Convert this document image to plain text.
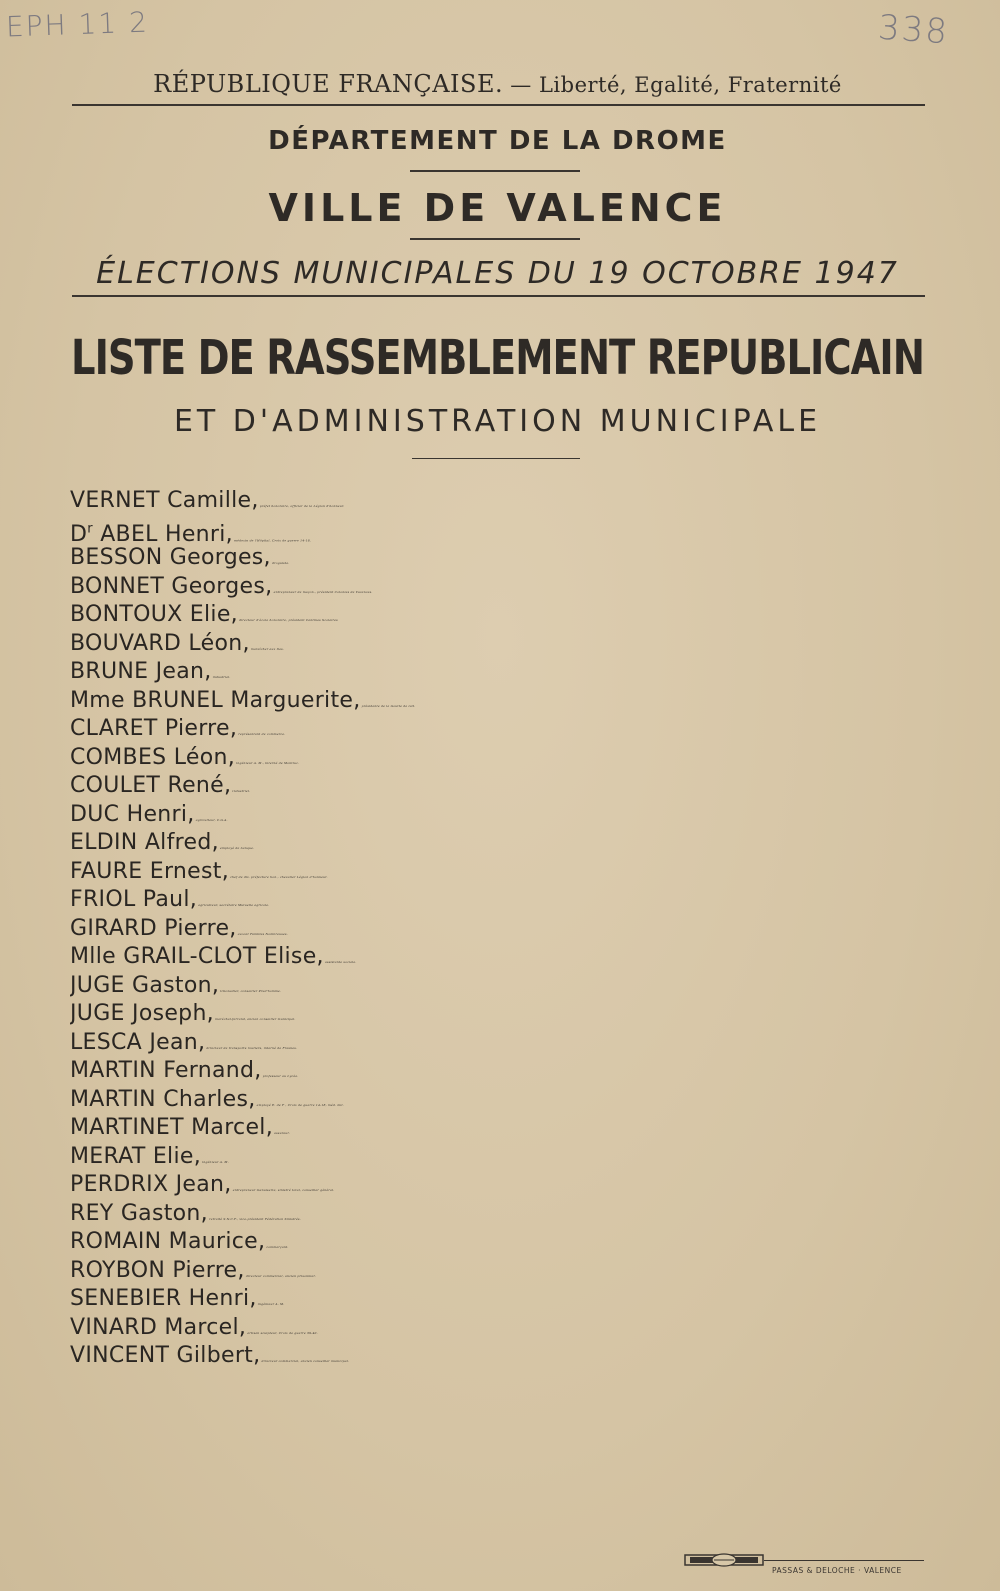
EPH 11 2	338
RÉPUBLIQUE FRANÇAISE. — Liberté, Egalité, Fraternité
DÉPARTEMENT DE LA DROME
VILLE DE VALENCE
ÉLECTIONS MUNICIPALES DU 19 OCTOBRE 1947
LISTE DE RASSEMBLEMENT REPUBLICAIN
ET D'ADMINISTRATION MUNICIPALE
VERNET Camille, préfet honoraire, officier de la Légion d'honneur.
$D^r$ ABEL Henri, médecin de l'Hôpital, Croix de guerre 14-18.
BESSON Georges, droguiste.
BONNET Georges, entrepreneur de maçon., président Colonies de Vacances.
BONTOUX Elie, directeur d'école honoraire, président Cantines Scolaires
BOUVARD Léon, maraîcher aux Iles.
BRUNE Jean, industriel.
Mme BRUNEL Marguerite, présidente de la Goutte de lait.
CLARET Pierre, représentant de commerce.
COMBES Léon, ingénieur A. M., interné de Montluc.
COULET René, industriel.
DUC Henri, agriculteur, C.G.A.
ELDIN Alfred, employé de banque.
FAURE Ernest, chef de div. préfecture hon., chevalier Légion d'honneur.
FRIOL Paul, agriculteur, secrétaire Mutuelle agricole.
GIRARD Pierre, avocat Familles Nombreuses.
Mlle GRAIL-CLOT Elise, assistante sociale.
JUGE Gaston, limonadier, conseiller Prud'homme.
JUGE Joseph, maréchal-ferrand, ancien conseiller municipal.
LESCA Jean, directeur de transports routiers, interné de Fresnes.
MARTIN Fernand, professeur au Lycée.
MARTIN Charles, employé E. de F , Croix de guerre 14-18, méd. mil.
MARTINET Marcel, assureur.
MERAT Elie, ingénieur A. M.
PERDRIX Jean, entrepreneur menuiserie, sinistré total, conseiller général.
REY Gaston, retraité S.N.C.F., vice-président Fédération Sinistrés.
ROMAIN Maurice, commerçant.
ROYBON Pierre, directeur commercial, ancien prisonnier.
SENEBIER Henri, ingénieur A. M.
VINARD Marcel, artisan sculpteur, Croix de guerre 39-40.
VINCENT Gilbert, directeur commercial, ancien conseiller municipal.
PASSAS & DELOCHE · VALENCE
